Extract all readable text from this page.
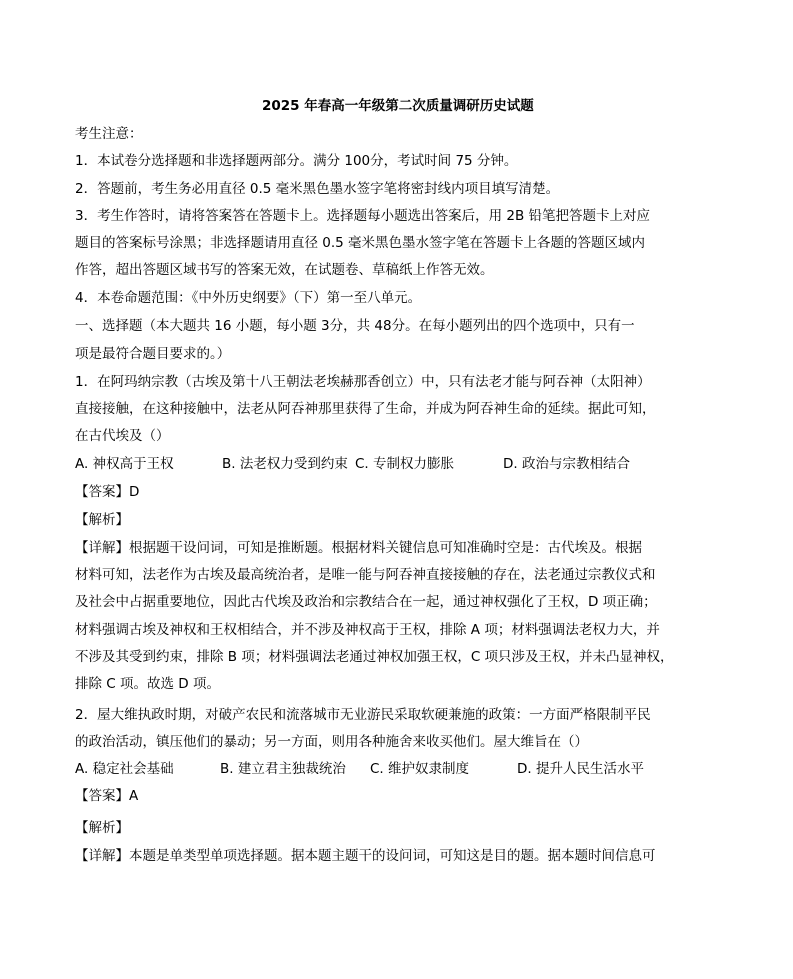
2025 年春高一年级第二次质量调研历史试题
考生注意：
1．本试卷分选择题和非选择题两部分。满分 100分，考试时间 75 分钟。
2．答题前，考生务必用直径 0.5 毫米黑色墨水签字笔将密封线内项目填写清楚。
3．考生作答时，请将答案答在答题卡上。选择题每小题选出答案后，用 2B 铅笔把答题卡上对应
题目的答案标号涂黑；非选择题请用直径 0.5 毫米黑色墨水签字笔在答题卡上各题的答题区域内
作答，超出答题区域书写的答案无效，在试题卷、草稿纸上作答无效。
4．本卷命题范围：《中外历史纲要》（下）第一至八单元。
一、选择题（本大题共 16 小题，每小题 3分，共 48分。在每小题列出的四个选项中，只有一
项是最符合题目要求的。）
1．在阿玛纳宗教（古埃及第十八王朝法老埃赫那香创立）中，只有法老才能与阿吞神（太阳神）
直接接触，在这种接触中，法老从阿吞神那里获得了生命，并成为阿吞神生命的延续。据此可知，
在古代埃及（）
A. 神权高于王权	B. 法老权力受到约束 C. 专制权力膨胀	D. 政治与宗教相结合
【答案】D
【解析】
【详解】根据题干设问词，可知是推断题。根据材料关键信息可知准确时空是：古代埃及。根据
材料可知，法老作为古埃及最高统治者，是唯一能与阿吞神直接接触的存在，法老通过宗教仪式和
及社会中占据重要地位，因此古代埃及政治和宗教结合在一起，通过神权强化了王权，D 项正确；
材料强调古埃及神权和王权相结合，并不涉及神权高于王权，排除 A 项；材料强调法老权力大，并
不涉及其受到约束，排除 B 项；材料强调法老通过神权加强王权，C 项只涉及王权，并未凸显神权，
排除 C 项。故选 D 项。
2．屋大维执政时期，对破产农民和流落城市无业游民采取软硬兼施的政策：一方面严格限制平民
的政治活动，镇压他们的暴动；另一方面，则用各种施舍来收买他们。屋大维旨在（）
A. 稳定社会基础	B. 建立君主独裁统治 C. 维护奴隶制度	D. 提升人民生活水平
【答案】A
【解析】
【详解】本题是单类型单项选择题。据本题主题干的设问词，可知这是目的题。据本题时间信息可
